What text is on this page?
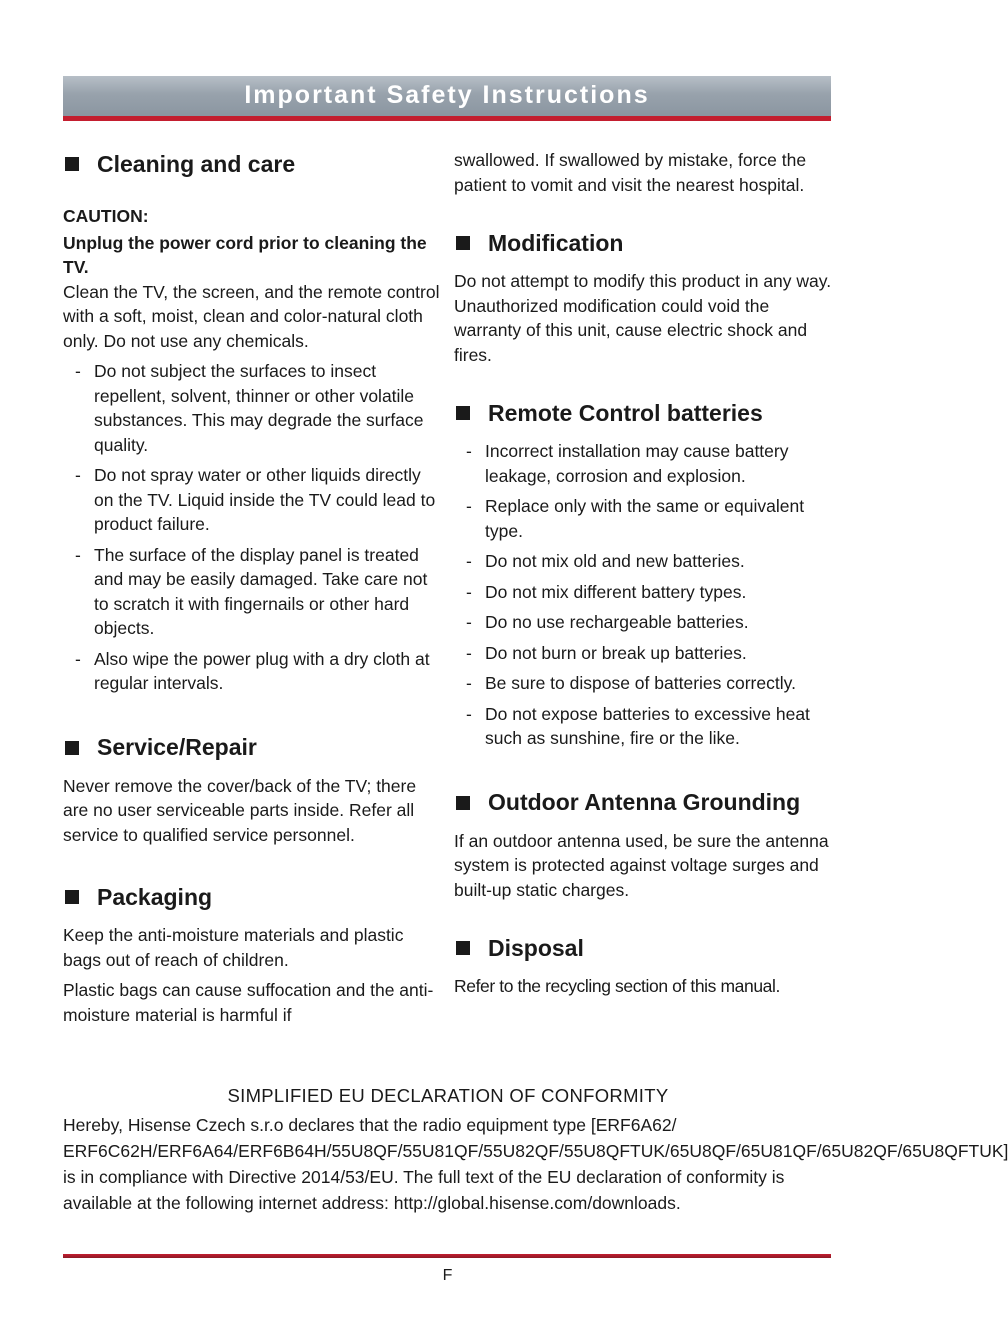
Important Safety Instructions
Cleaning and care
CAUTION:
Unplug the power cord prior to cleaning the TV.

Clean the TV, the screen, and the remote control with a soft, moist, clean and color-natural cloth only. Do not use any chemicals.

- Do not subject the surfaces to insect repellent, solvent, thinner or other volatile substances. This may degrade the surface quality.
- Do not spray water or other liquids directly on the TV. Liquid inside the TV could lead to product failure.
- The surface of the display panel is treated and may be easily damaged. Take care not to scratch it with fingernails or other hard objects.
- Also wipe the power plug with a dry cloth at regular intervals.
Service/Repair

Never remove the cover/back of the TV; there are no user serviceable parts inside. Refer all service to qualified service personnel.

Packaging

Keep the anti-moisture materials and plastic bags out of reach of children.

Plastic bags can cause suffocation and the anti-moisture material is harmful if

swallowed. If swallowed by mistake, force the patient to vomit and visit the nearest hospital.

Modification

Do not attempt to modify this product in any way. Unauthorized modification could void the warranty of this unit, cause electric shock and fires.

Remote Control batteries
- Incorrect installation may cause battery leakage, corrosion and explosion.
- Replace only with the same or equivalent type.
- Do not mix old and new batteries.
- Do not mix different battery types.
- Do no use rechargeable batteries.
- Do not burn or break up batteries.
- Be sure to dispose of batteries correctly.
- Do not expose batteries to excessive heat such as sunshine, fire or the like.
Outdoor Antenna Grounding

If an outdoor antenna used, be sure the antenna system is protected against voltage surges and built-up static charges.

Disposal

Refer to the recycling section of this manual.

SIMPLIFIED EU DECLARATION OF CONFORMITY

Hereby, Hisense Czech s.r.o declares that the radio equipment type [ERF6A62/ ERF6C62H/ERF6A64/ERF6B64H/55U8QF/55U81QF/55U82QF/55U8QFTUK/65U8QF/65U81QF/65U82QF/65U8QFTUK] is in compliance with Directive 2014/53/EU. The full text of the EU declaration of conformity is available at the following internet address: http://global.hisense.com/downloads.

F
